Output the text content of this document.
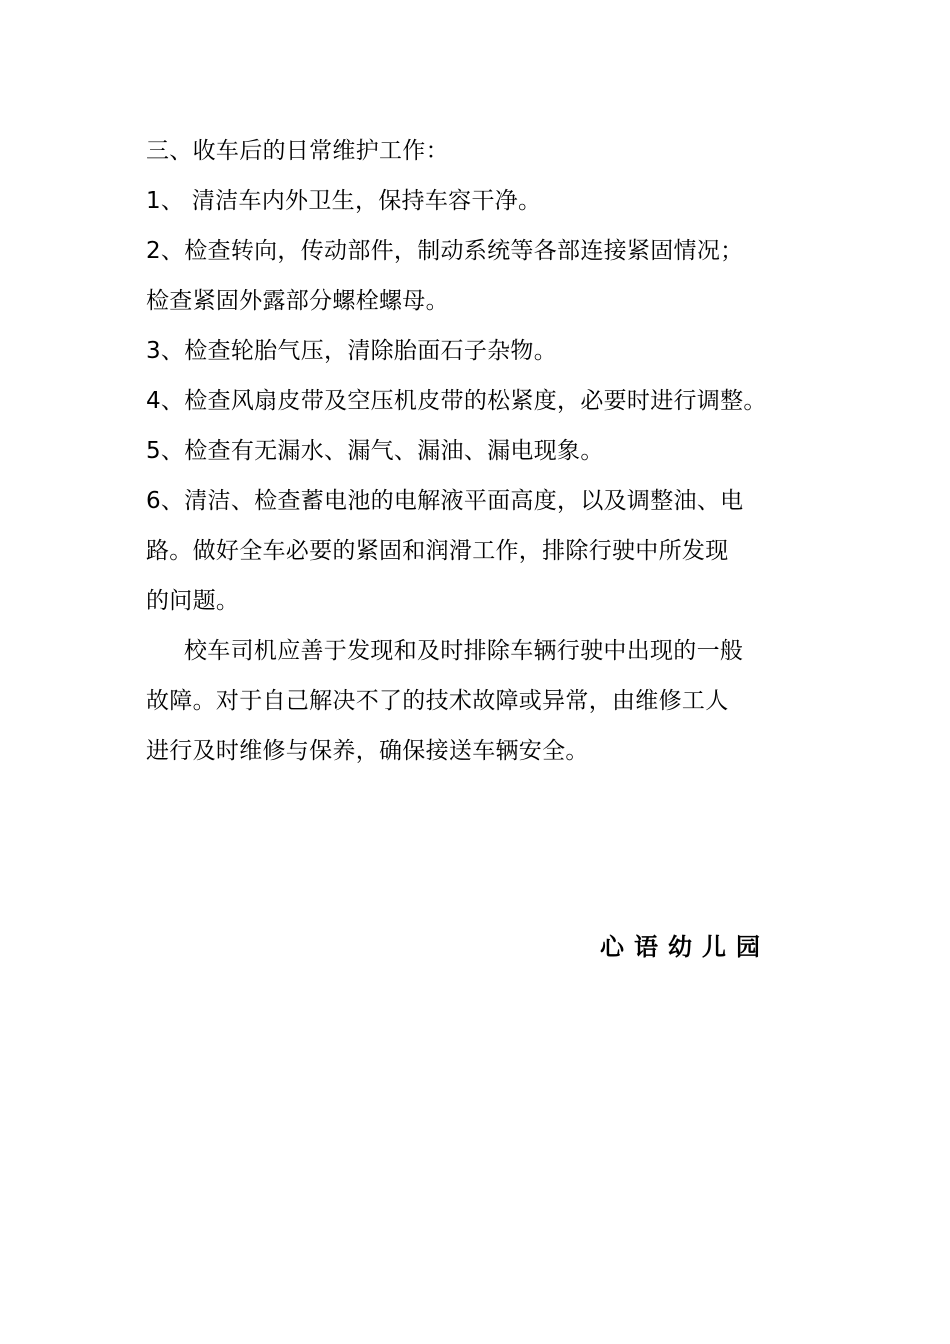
三、收车后的日常维护工作：
1、 清洁车内外卫生，保持车容干净。
2、检查转向，传动部件，制动系统等各部连接紧固情况；
检查紧固外露部分螺栓螺母。
3、检查轮胎气压，清除胎面石子杂物。
4、检查风扇皮带及空压机皮带的松紧度，必要时进行调整。
5、检查有无漏水、漏气、漏油、漏电现象。
6、清洁、检查蓄电池的电解液平面高度，以及调整油、电
路。做好全车必要的紧固和润滑工作，排除行驶中所发现
的问题。
校车司机应善于发现和及时排除车辆行驶中出现的一般
故障。对于自己解决不了的技术故障或异常，由维修工人
进行及时维修与保养，确保接送车辆安全。
心语幼儿园
